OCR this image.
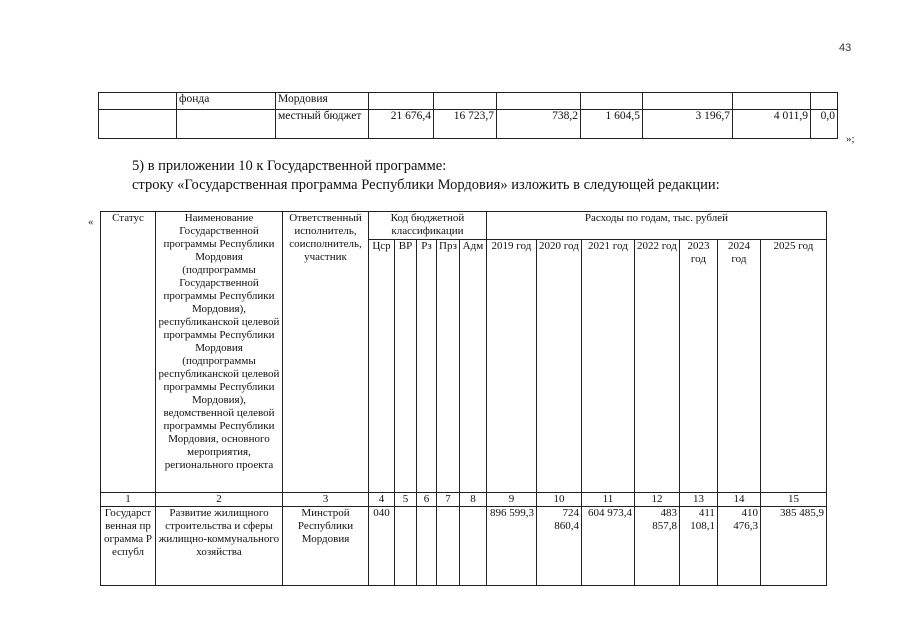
43
	фонда	Мордовия							
		местный бюджет	21 676,4	16 723,7	738,2	1 604,5	3 196,7	4 011,9	0,0
»;
5) в приложении 10 к Государственной программе:
строку «Государственная программа Республики Мордовия» изложить в следующей редакции:
« Статус	Наименование Государственной программы Республики Мордовия (подпрограммы Государственной программы Республики Мордовия), республиканской целевой программы Республики Мордовия (подпрограммы республиканской целевой программы Республики Мордовия), ведомственной целевой программы Республики Мордовия, основного мероприятия, регионального проекта	Ответственный исполнитель, соисполнитель, участник	Код бюджетной классификации					Расходы по годам, тыс. рублей						
			Цср	ВР	Рз	Прз	Адм	2019 год	2020 год	2021 год	2022 год	2023 год	2024 год	2025 год
1	2	3	4	5	6	7	8	9	10	11	12	13	14	15
Государственная программа Республ	Развитие жилищного строительства и сферы жилищно-коммунального хозяйства	Минстрой Республики Мордовия	040					896 599,3	724 860,4	604 973,4	483 857,8	411 108,1	410 476,3	385 485,9
